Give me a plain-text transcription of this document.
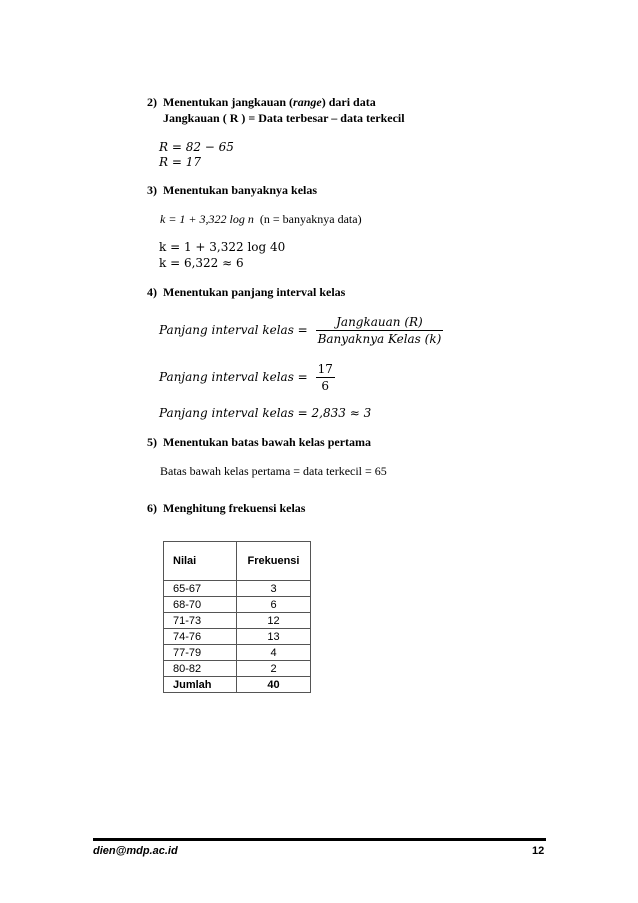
2) Menentukan jangkauan (range) dari data
Jangkauan ( R ) = Data terbesar – data terkecil
R = 82 − 65
R = 17
3) Menentukan banyaknya kelas
k = 1 + 3,322 log n (n = banyaknya data)
k = 1 + 3,322 log 40
k = 6,322 ≈ 6
4) Menentukan panjang interval kelas
Panjang interval kelas = $\frac{\text{Jangkauan (R)}}{\text{Banyaknya Kelas (k)}}$
Panjang interval kelas = $\frac{17}{6}$
Panjang interval kelas = 2,833 ≈ 3
5) Menentukan batas bawah kelas pertama
Batas bawah kelas pertama = data terkecil = 65
6) Menghitung frekuensi kelas
Nilai	Frekuensi
65-67	3
68-70	6
71-73	12
74-76	13
77-79	4
80-82	2
Jumlah	40
dien@mdp.ac.id	12
